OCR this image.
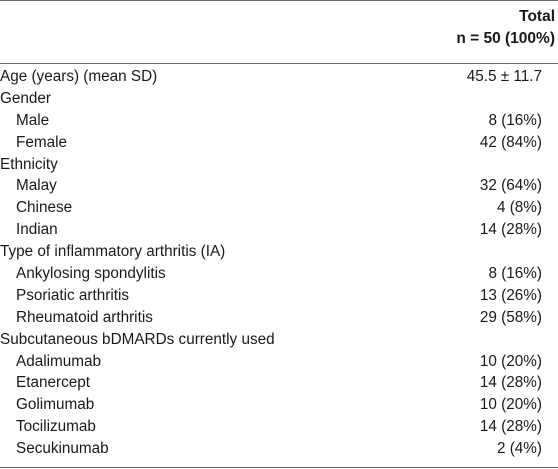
Total
n = 50 (100%)
Age (years) (mean SD)	45.5 ± 11.7
Gender
Male	8 (16%)
Female	42 (84%)
Ethnicity
Malay	32 (64%)
Chinese	4 (8%)
Indian	14 (28%)
Type of inflammatory arthritis (IA)
Ankylosing spondylitis	8 (16%)
Psoriatic arthritis	13 (26%)
Rheumatoid arthritis	29 (58%)
Subcutaneous bDMARDs currently used
Adalimumab	10 (20%)
Etanercept	14 (28%)
Golimumab	10 (20%)
Tocilizumab	14 (28%)
Secukinumab	2 (4%)
